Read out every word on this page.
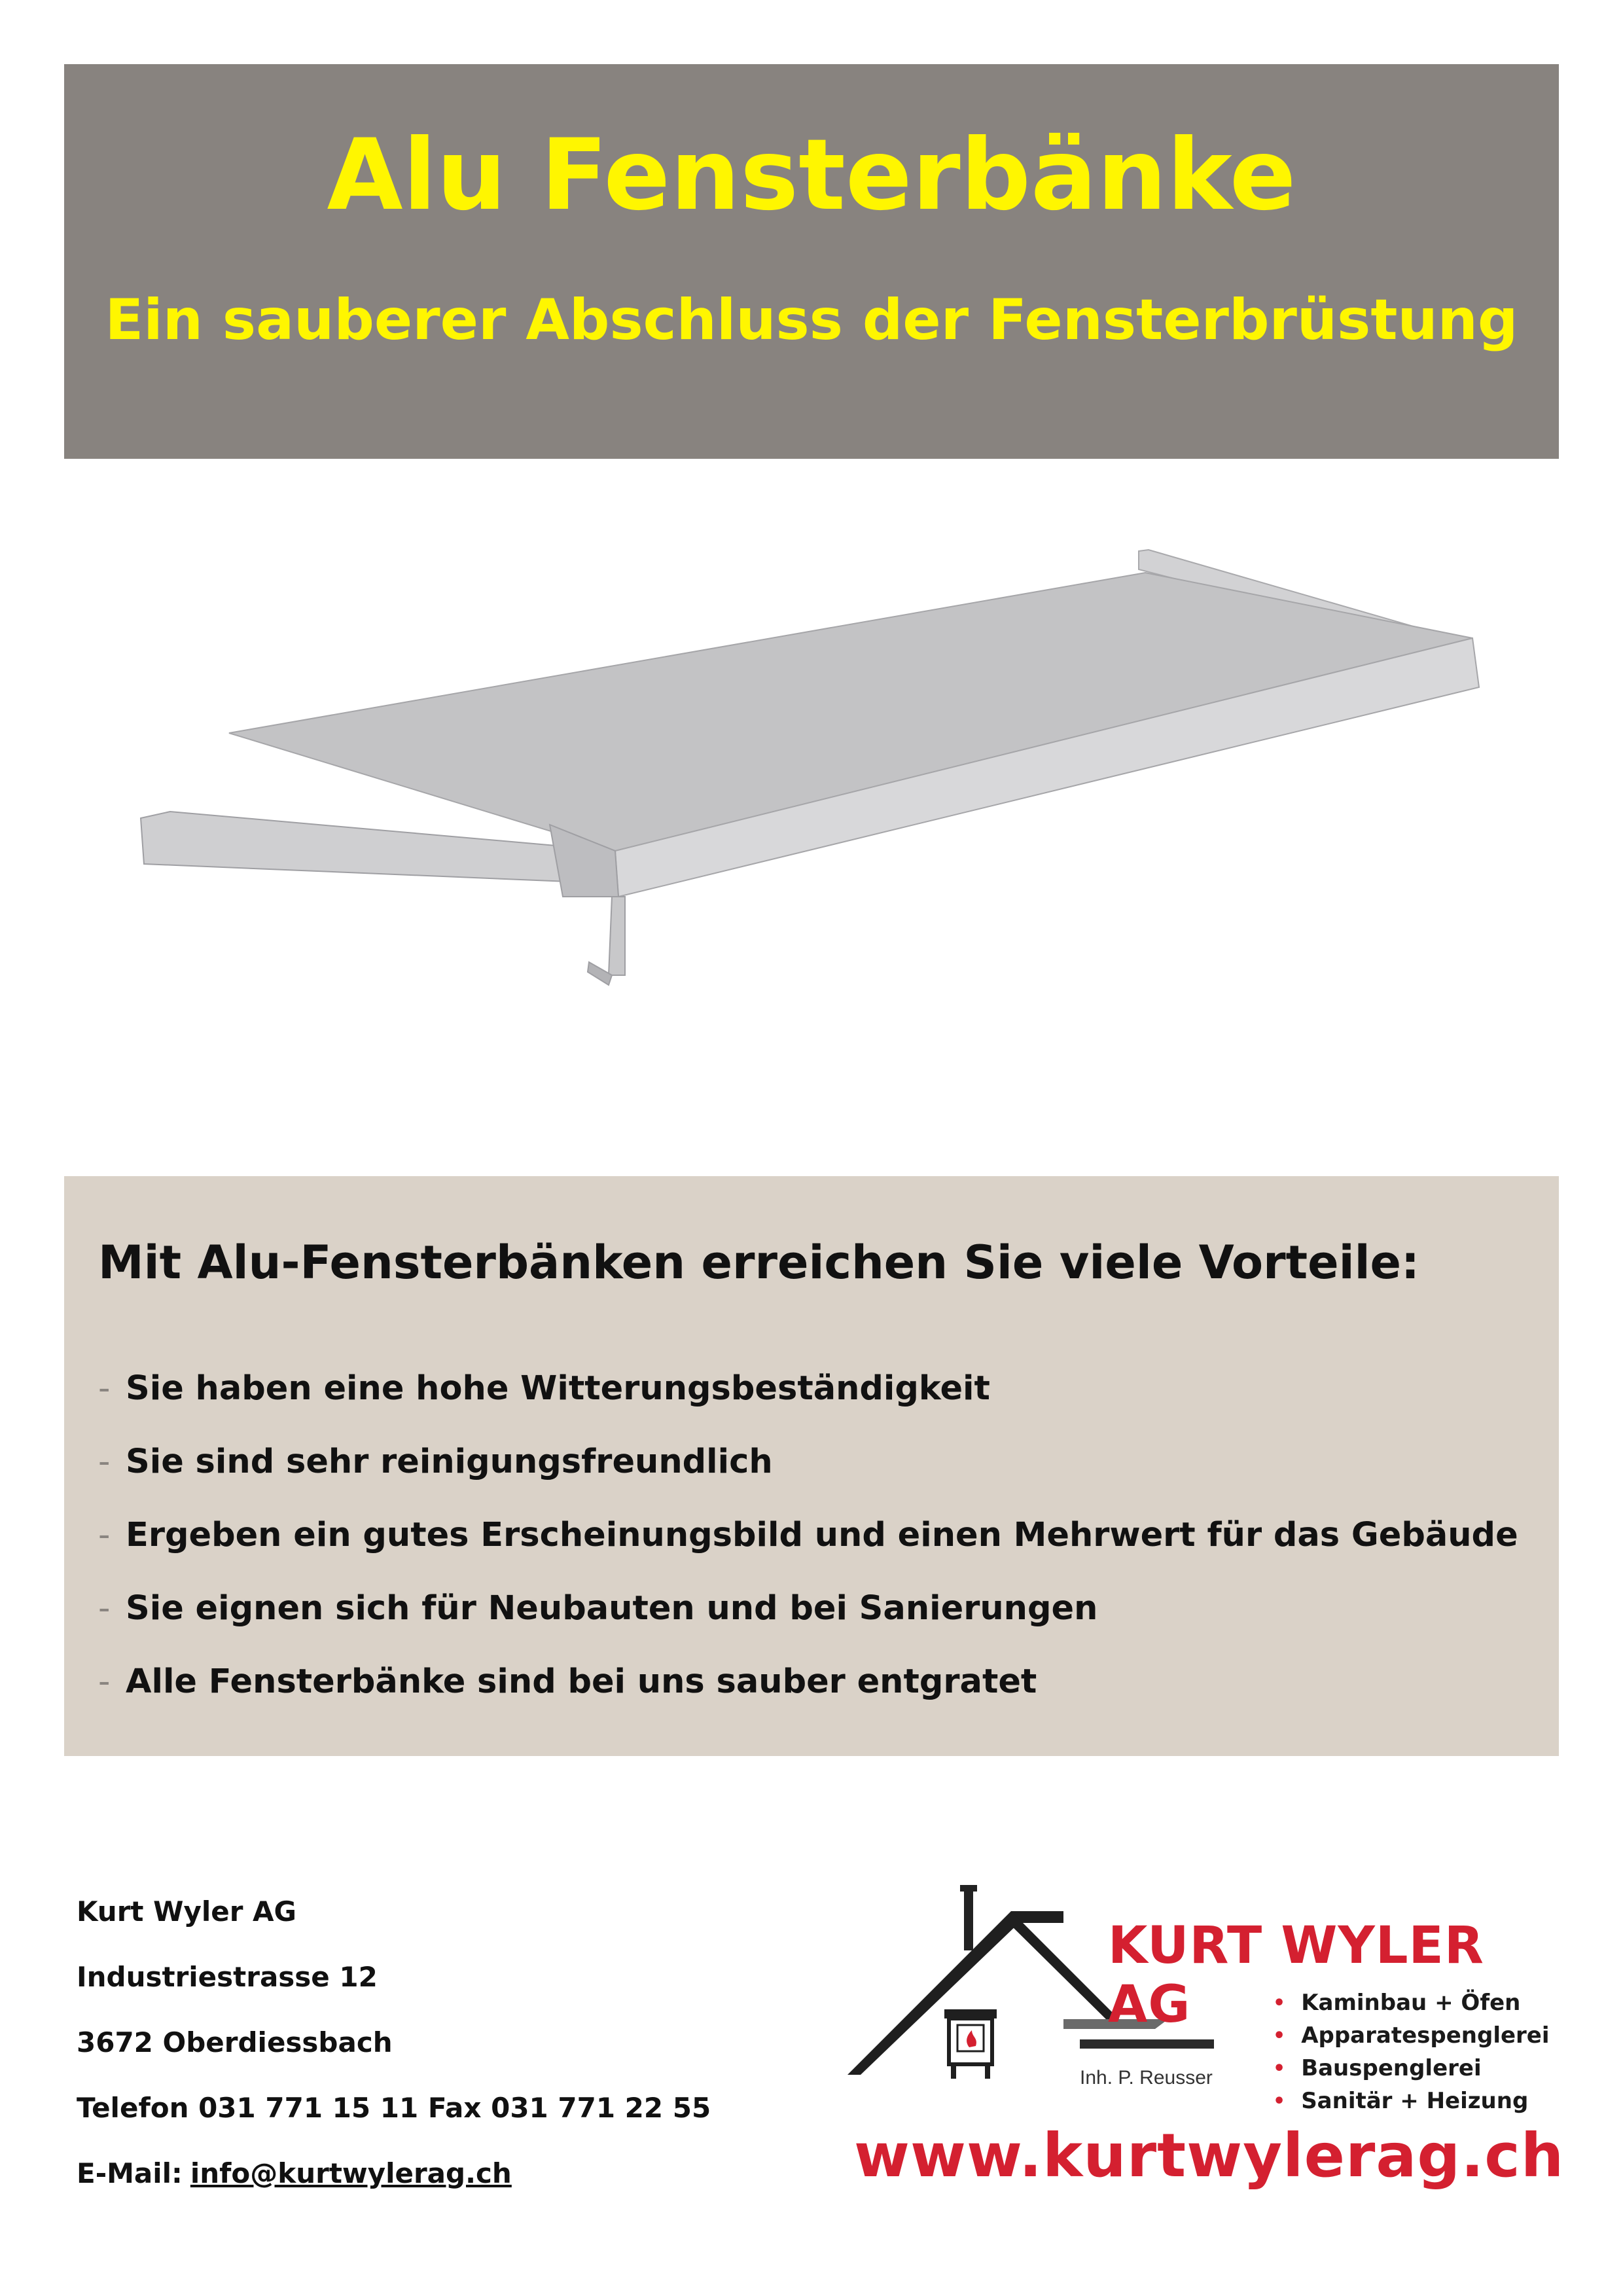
Alu Fensterbänke
Ein sauberer Abschluss der Fensterbrüstung
Mit Alu-Fensterbänken erreichen Sie viele Vorteile:
- Sie haben eine hohe Witterungsbeständigkeit
- Sie sind sehr reinigungsfreundlich
- Ergeben ein gutes Erscheinungsbild und einen Mehrwert für das Gebäude
- Sie eignen sich für Neubauten und bei Sanierungen
- Alle Fensterbänke sind bei uns sauber entgratet
Kurt Wyler AG
Industriestrasse 12
3672 Oberdiessbach
Telefon 031 771 15 11 Fax 031 771 22 55
E-Mail: info@kurtwylerag.ch
KURT WYLER AG	• Kaminbau + Öfen
• Apparatespenglerei
• Bauspenglerei
• Sanitär + Heizung
Inh. P. Reusser
www.kurtwylerag.ch
